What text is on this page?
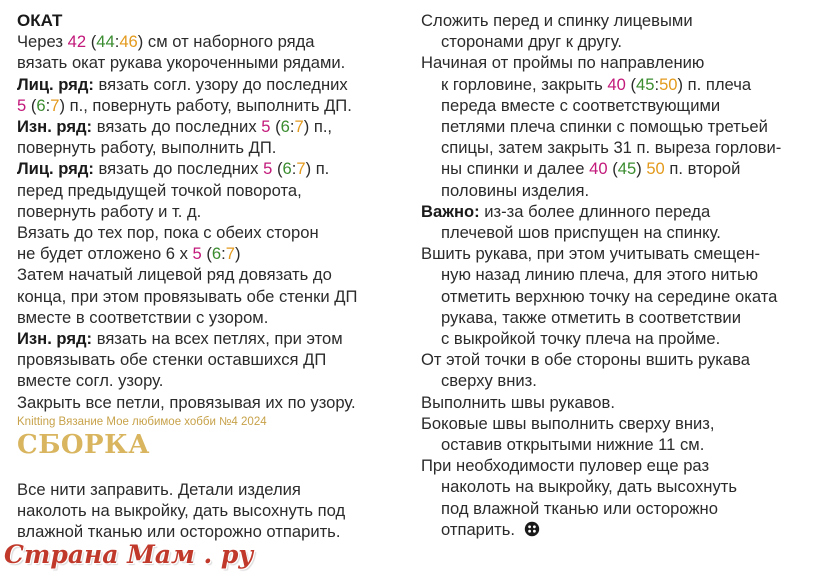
ОКАТ
Через 42 (44:46) см от наборного ряда
вязать окат рукава укороченными рядами.
Лиц. ряд: вязать согл. узору до последних
5 (6:7) п., повернуть работу, выполнить ДП.
Изн. ряд: вязать до последних 5 (6:7) п.,
повернуть работу, выполнить ДП.
Лиц. ряд: вязать до последних 5 (6:7) п.
перед предыдущей точкой поворота,
повернуть работу и т. д.
Вязать до тех пор, пока с обеих сторон
не будет отложено 6 х 5 (6:7)
Затем начатый лицевой ряд довязать до
конца, при этом провязывать обе стенки ДП
вместе в соответствии с узором.
Изн. ряд: вязать на всех петлях, при этом
провязывать обе стенки оставшихся ДП
вместе согл. узору.
Закрыть все петли, провязывая их по узору.
Knitting Вязание Мое любимое хобби №4 2024
СБОРКА
Все нити заправить. Детали изделия
наколоть на выкройку, дать высохнуть под
влажной тканью или осторожно отпарить.
Сложить перед и спинку лицевыми
сторонами друг к другу.
Начиная от проймы по направлению
к горловине, закрыть 40 (45:50) п. плеча
переда вместе с соответствующими
петлями плеча спинки с помощью третьей
спицы, затем закрыть 31 п. выреза горлови-
ны спинки и далее 40 (45) 50 п. второй
половины изделия.
Важно: из-за более длинного переда
плечевой шов приспущен на спинку.
Вшить рукава, при этом учитывать смещен-
ную назад линию плеча, для этого нитью
отметить верхнюю точку на середине оката
рукава, также отметить в соответствии
с выкройкой точку плеча на пройме.
От этой точки в обе стороны вшить рукава
сверху вниз.
Выполнить швы рукавов.
Боковые швы выполнить сверху вниз,
оставив открытыми нижние 11 см.
При необходимости пуловер еще раз
наколоть на выкройку, дать высохнуть
под влажной тканью или осторожно
отпарить.
Страна Мам . ру
